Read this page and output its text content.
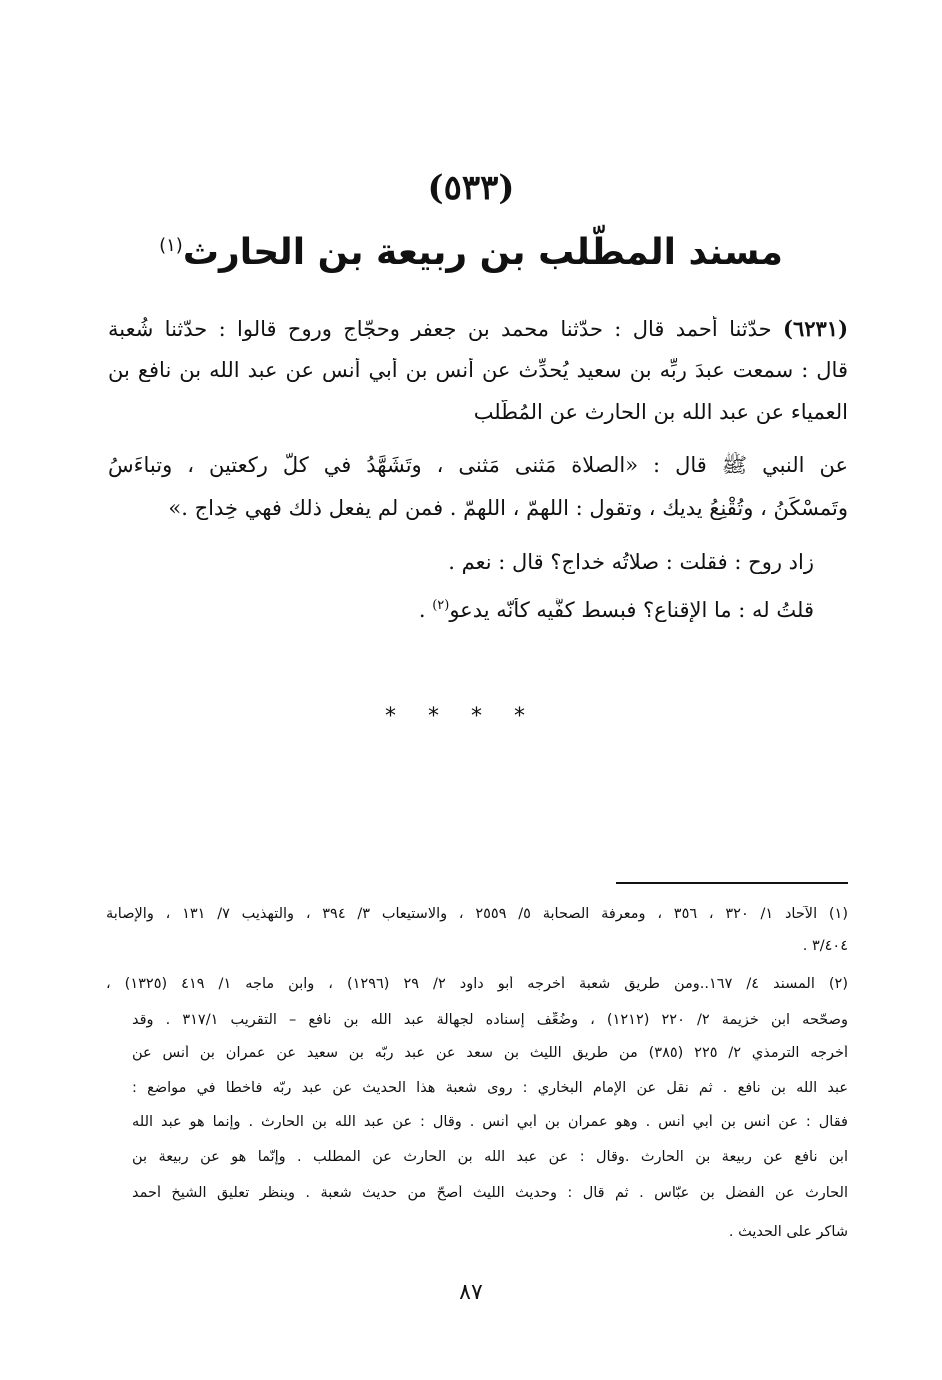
(٥٣٣)
مسند المطّلب بن ربيعة بن الحارث$^{(١)}$
(٦٢٣١) حدّثنا أحمد قال : حدّثنا محمد بن جعفر وحجّاج وروح قالوا : حدّثنا شُعبة
قال : سمعت عبدَ ربِّه بن سعيد يُحدِّث عن أنس بن أبي أنس عن عبد الله بن نافع بن
العمياء عن عبد الله بن الحارث عن المُطّلب
عن النبي ﷺ قال : «الصلاة مَثنى مَثنى ، وتَشَهَّدُ في كلّ ركعتين ، وتباءَسُ
وتَمسْكَنُ ، وتُقْنِعُ يديك ، وتقول : اللهمّ ، اللهمّ . فمن لم يفعل ذلك فهي خِداج .»
زاد روح : فقلت : صلاتُه خداج؟ قال : نعم .
قلتُ له : ما الإقناع؟ فبسط كفَّيه كأنّه يدعو$^{(٢)}$ .
****
(١) الآحاد ١/ ٣٢٠ ، ٣٥٦ ، ومعرفة الصحابة ٥/ ٢٥٥٩ ، والاستيعاب ٣/ ٣٩٤ ، والتهذيب ٧/ ١٣١ ، والإصابة
٣/٤٠٤ .
(٢) المسند ٤/ ١٦٧..ومن طريق شعبة أخرجه أبو داود ٢/ ٢٩ (١٢٩٦) ، وابن ماجه ١/ ٤١٩ (١٣٢٥) ،
وصحّحه ابن خزيمة ٢/ ٢٢٠ (١٢١٢) ، وضُعِّف إسناده لجهالة عبد الله بن نافع – التقريب ٣١٧/١ . وقد
أخرجه الترمذي ٢/ ٢٢٥ (٣٨٥) من طريق الليث بن سعد عن عبد ربّه بن سعيد عن عمران بن أنس عن
عبد الله بن نافع . ثم نقل عن الإمام البخاري : روى شعبة هذا الحديث عن عبد ربّه فأخطأ في مواضع :
فقال : عن أنس بن أبي أنس . وهو عمران بن أبي أنس . وقال : عن عبد الله بن الحارث . وإنما هو عبد الله
ابن نافع عن ربيعة بن الحارث .وقال : عن عبد الله بن الحارث عن المطلب . وإنّما هو عن ربيعة بن
الحارث عن الفضل بن عبّاس . ثم قال : وحديث الليث أصحّ من حديث شعبة . وينظر تعليق الشيخ أحمد
شاكر على الحديث .
٨٧
